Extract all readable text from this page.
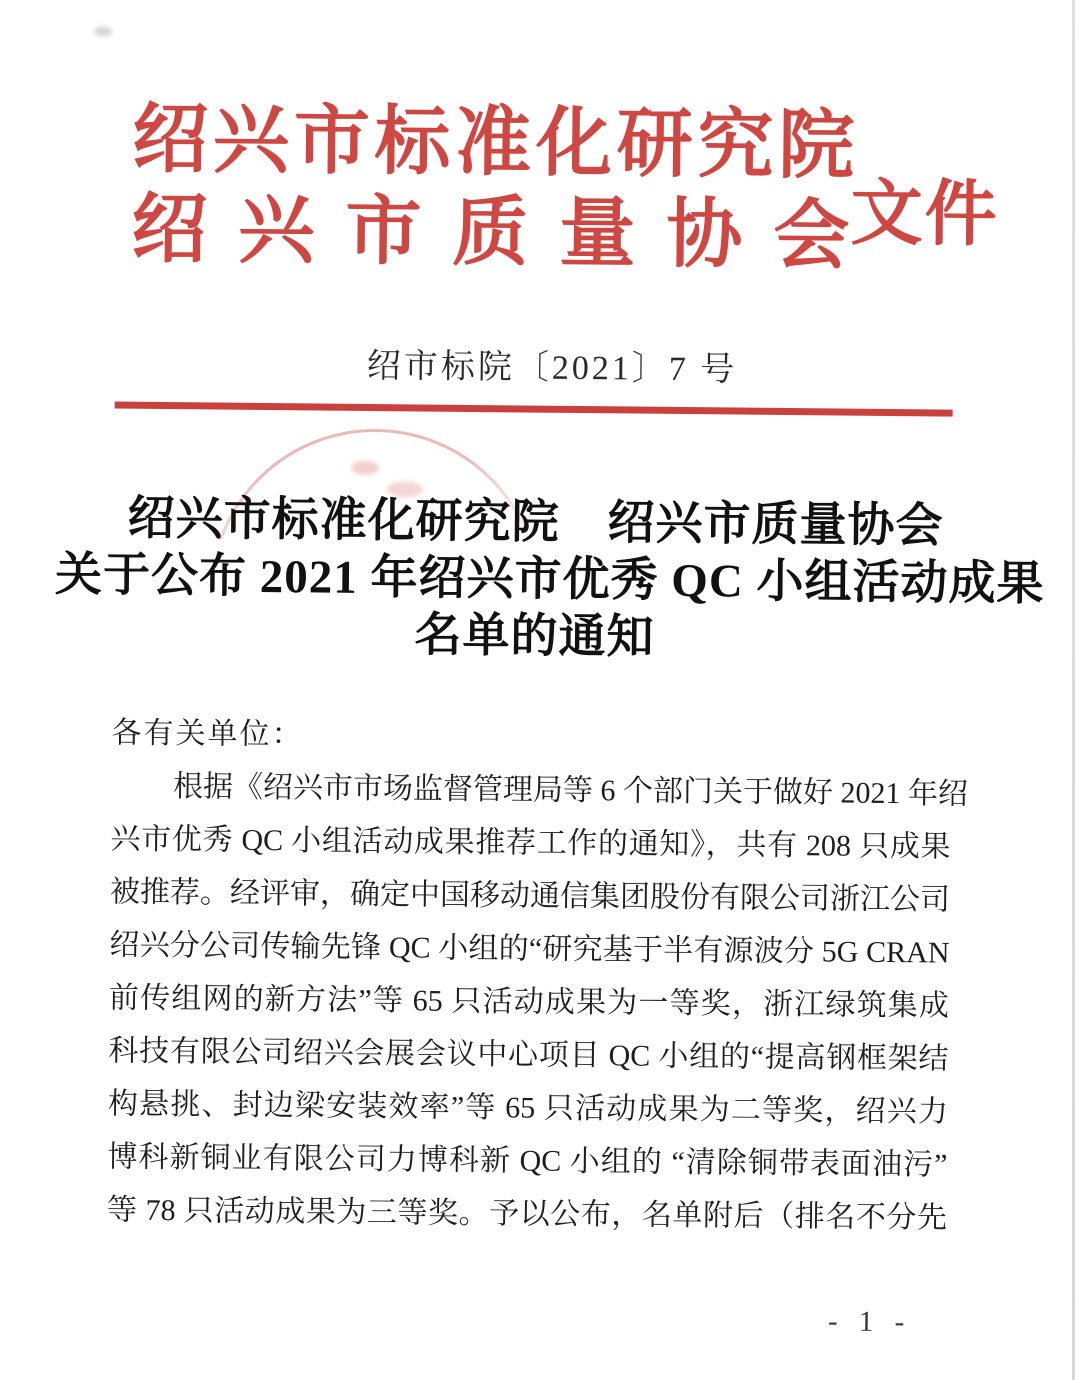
绍兴市标准化研究院
绍兴市质量协会
文件
绍市标院〔2021〕7 号
绍兴市标准化研究院　绍兴市质量协会
关于公布 2021 年绍兴市优秀 QC 小组活动成果
名单的通知
各有关单位：
根据《绍兴市市场监督管理局等 6 个部门关于做好 2021 年绍
兴市优秀 QC 小组活动成果推荐工作的通知》，共有 208 只成果
被推荐。经评审，确定中国移动通信集团股份有限公司浙江公司
绍兴分公司传输先锋 QC 小组的“研究基于半有源波分 5G CRAN
前传组网的新方法”等 65 只活动成果为一等奖，浙江绿筑集成
科技有限公司绍兴会展会议中心项目 QC 小组的“提高钢框架结
构悬挑、封边梁安装效率”等 65 只活动成果为二等奖，绍兴力
博科新铜业有限公司力博科新 QC 小组的 “清除铜带表面油污”
等 78 只活动成果为三等奖。予以公布，名单附后（排名不分先
- 1 -
